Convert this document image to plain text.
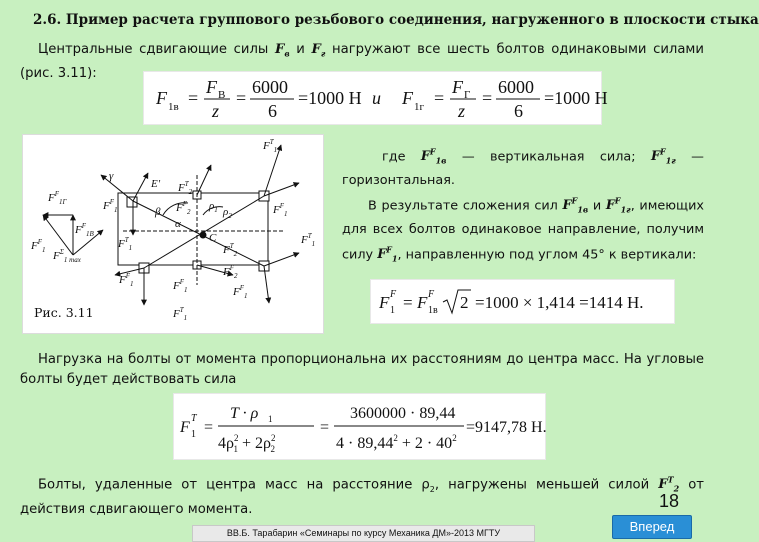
2.6. Пример расчета группового резьбового соединения, нагруженного в плоскости стыка
Центральные сдвигающие силы $F_в$ и $F_г$ нагружают все шесть болтов одинаковыми силами (рис. 3.11):
F 1в =
F В
z
=
6000
6
=1000 Н и F 1г =
F Г
z
=
6000
6
=1000 Н
$F^F_{1Г}$
$F^F_{1В}$
$F^F_1$ $F^\Sigma_{1 max}$
$F^F_1$
$F^T_1$
$F^T_2$
$F^F_2$
$F^T_1$
$F^F_1$
$F^T_1$
$F^T_2$
$F^F_2$
$F^F_1$	$F^F_1$	$F^F_1$
$F^T_1$
γ
β
α
$\rho_1$ $\rho_2$
C
E'
Рис. 3.11
где $F^F_{1в}$ — вертикальная сила; $F^F_{1г}$ — горизонтальная.
В результате сложения сил $F^F_{1в}$ и $F^F_{1г}$, имеющих для всех болтов одинаковое направление, получим силу $F^F_1$, направленную под углом 45° к вертикали:
F F
1 = F F
1в 2 =1000 × 1,414 =1414 Н.
Нагрузка на болты от момента пропорциональна их расстояниям до центра масс. На угловые болты будет действовать сила
F
T
1 =
T · ρ 1
$4\rho^2$ $1 + 2\rho^2$ 2
=
3600000 · 89,44
$4 \cdot 89,44^2 + 2 \cdot 40^2$
=9147,78 Н.
Болты, удаленные от центра масс на расстояние $\rho_2$, нагружены меньшей силой $F^T_2$ от действия сдвигающего момента.	18
ВВ.Б. Тарабарин «Семинары по курсу Механика ДМ»-2013 МГТУ	Вперед
